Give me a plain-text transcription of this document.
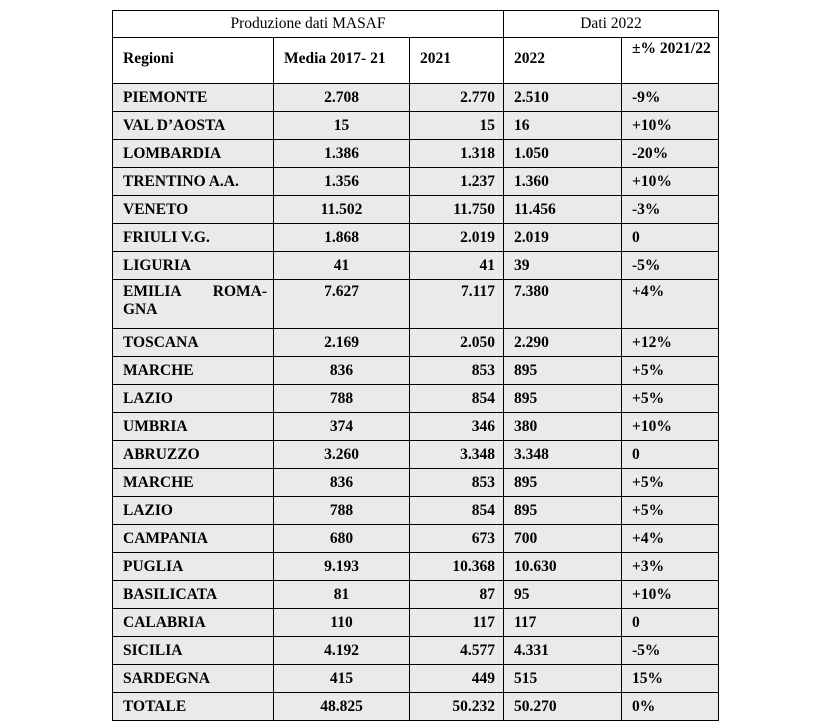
Produzione dati MASAF			Dati 2022	

Regioni	Media 2017- 21	2021	2022	±% 2021/22

PIEMONTE	2.708	2.770	2.510	-9%
VAL D’AOSTA	15	15	16	+10%
LOMBARDIA	1.386	1.318	1.050	-20%
TRENTINO A.A.	1.356	1.237	1.360	+10%
VENETO	11.502	11.750	11.456	-3%
FRIULI V.G.	1.868	2.019	2.019	0
LIGURIA	41	41	39	-5%
EMILIA ROMA- GNA	7.627	7.117	7.380	+4%
TOSCANA	2.169	2.050	2.290	+12%
MARCHE	836	853	895	+5%
LAZIO	788	854	895	+5%
UMBRIA	374	346	380	+10%
ABRUZZO	3.260	3.348	3.348	0
MARCHE	836	853	895	+5%
LAZIO	788	854	895	+5%
CAMPANIA	680	673	700	+4%
PUGLIA	9.193	10.368	10.630	+3%
BASILICATA	81	87	95	+10%
CALABRIA	110	117	117	0
SICILIA	4.192	4.577	4.331	-5%
SARDEGNA	415	449	515	15%
TOTALE	48.825	50.232	50.270	0%
